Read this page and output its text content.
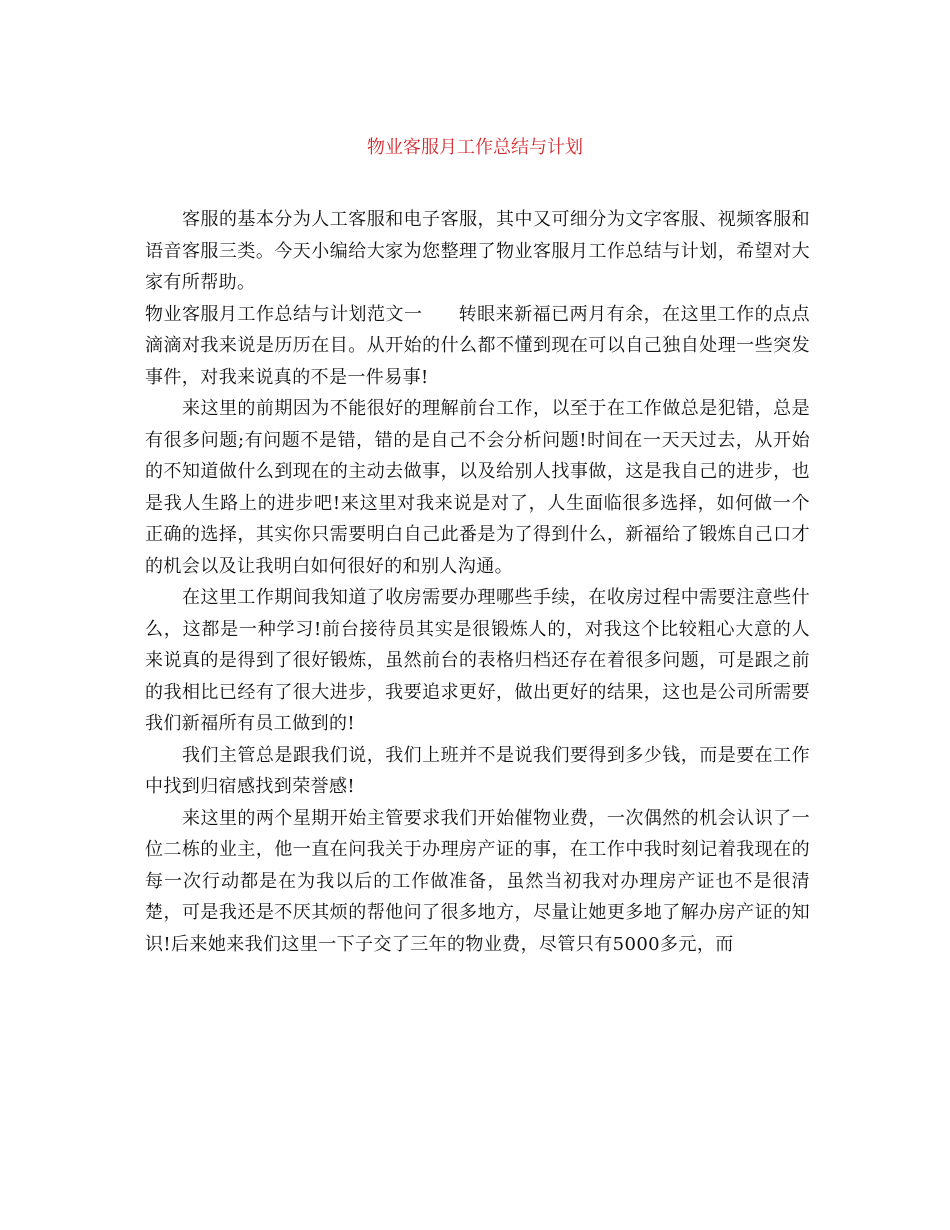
物业客服月工作总结与计划

客服的基本分为人工客服和电子客服，其中又可细分为文字客服、视频客服和语音客服三类。今天小编给大家为您整理了物业客服月工作总结与计划，希望对大家有所帮助。

物业客服月工作总结与计划范文一 转眼来新福已两月有余，在这里工作的点点滴滴对我来说是历历在目。从开始的什么都不懂到现在可以自己独自处理一些突发事件，对我来说真的不是一件易事!

来这里的前期因为不能很好的理解前台工作，以至于在工作做总是犯错，总是有很多问题;有问题不是错，错的是自己不会分析问题!时间在一天天过去，从开始的不知道做什么到现在的主动去做事，以及给别人找事做，这是我自己的进步，也是我人生路上的进步吧!来这里对我来说是对了，人生面临很多选择，如何做一个正确的选择，其实你只需要明白自己此番是为了得到什么，新福给了锻炼自己口才的机会以及让我明白如何很好的和别人沟通。

在这里工作期间我知道了收房需要办理哪些手续，在收房过程中需要注意些什么，这都是一种学习!前台接待员其实是很锻炼人的，对我这个比较粗心大意的人来说真的是得到了很好锻炼，虽然前台的表格归档还存在着很多问题，可是跟之前的我相比已经有了很大进步，我要追求更好，做出更好的结果，这也是公司所需要我们新福所有员工做到的!

我们主管总是跟我们说，我们上班并不是说我们要得到多少钱，而是要在工作中找到归宿感找到荣誉感!

来这里的两个星期开始主管要求我们开始催物业费，一次偶然的机会认识了一位二栋的业主，他一直在问我关于办理房产证的事，在工作中我时刻记着我现在的每一次行动都是在为我以后的工作做准备，虽然当初我对办理房产证也不是很清楚，可是我还是不厌其烦的帮他问了很多地方，尽量让她更多地了解办房产证的知识!后来她来我们这里一下子交了三年的物业费，尽管只有5000多元，而
